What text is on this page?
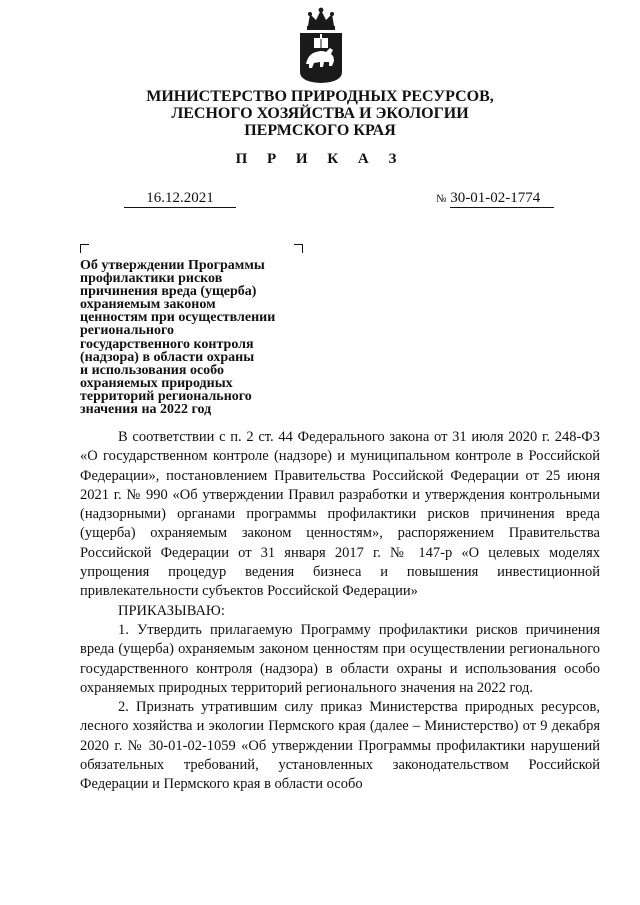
МИНИСТЕРСТВО ПРИРОДНЫХ РЕСУРСОВ,
ЛЕСНОГО ХОЗЯЙСТВА И ЭКОЛОГИИ
ПЕРМСКОГО КРАЯ
П Р И К А З
16.12.2021	№ 30-01-02-1774
Об утверждении Программы
профилактики рисков
причинения вреда (ущерба)
охраняемым законом
ценностям при осуществлении
регионального
государственного контроля
(надзора) в области охраны
и использования особо
охраняемых природных
территорий регионального
значения на 2022 год

В соответствии с п. 2 ст. 44 Федерального закона от 31 июля 2020 г. 248-ФЗ «О государственном контроле (надзоре) и муниципальном контроле в Российской Федерации», постановлением Правительства Российской Федерации от 25 июня 2021 г. № 990 «Об утверждении Правил разработки и утверждения контрольными (надзорными) органами программы профилактики рисков причинения вреда (ущерба) охраняемым законом ценностям», распоряжением Правительства Российской Федерации от 31 января 2017 г. № 147-р «О целевых моделях упрощения процедур ведения бизнеса и повышения инвестиционной привлекательности субъектов Российской Федерации»

ПРИКАЗЫВАЮ:

1. Утвердить прилагаемую Программу профилактики рисков причинения вреда (ущерба) охраняемым законом ценностям при осуществлении регионального государственного контроля (надзора) в области охраны и использования особо охраняемых природных территорий регионального значения на 2022 год.

2. Признать утратившим силу приказ Министерства природных ресурсов, лесного хозяйства и экологии Пермского края (далее – Министерство) от 9 декабря 2020 г. № 30-01-02-1059 «Об утверждении Программы профилактики нарушений обязательных требований, установленных законодательством Российской Федерации и Пермского края в области особо
